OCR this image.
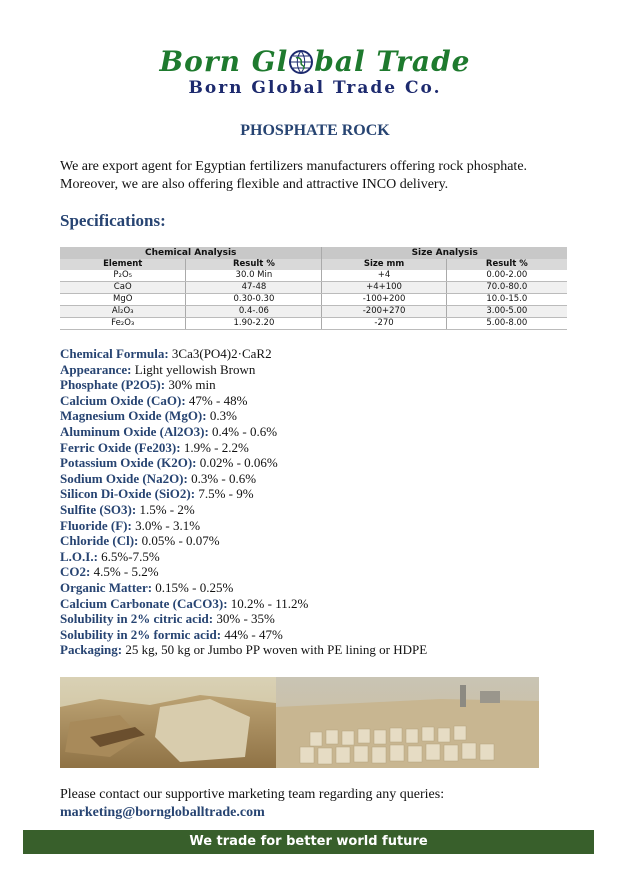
Born Gl bal Trade
Born Global Trade Co.
PHOSPHATE ROCK
We are export agent for Egyptian fertilizers manufacturers offering rock phosphate. Moreover, we are also offering flexible and attractive INCO delivery.
Specifications:
Chemical Analysis		Size Analysis	
Element	Result %	Size mm	Result %
P₂O₅	30.0 Min	+4	0.00-2.00
CaO	47-48	+4+100	70.0-80.0
MgO	0.30-0.30	-100+200	10.0-15.0
Al₂O₃	0.4-.06	-200+270	3.00-5.00
Fe₂O₃	1.90-2.20	-270	5.00-8.00
Chemical Formula: 3Ca3(PO4)2·CaR2
Appearance: Light yellowish Brown
Phosphate (P2O5): 30% min
Calcium Oxide (CaO): 47% - 48%
Magnesium Oxide (MgO): 0.3%
Aluminum Oxide (Al2O3): 0.4% - 0.6%
Ferric Oxide (Fe203): 1.9% - 2.2%
Potassium Oxide (K2O): 0.02% - 0.06%
Sodium Oxide (Na2O): 0.3% - 0.6%
Silicon Di-Oxide (SiO2): 7.5% - 9%
Sulfite (SO3): 1.5% - 2%
Fluoride (F): 3.0% - 3.1%
Chloride (Cl): 0.05% - 0.07%
L.O.I.: 6.5%-7.5%
CO2: 4.5% - 5.2%
Organic Matter: 0.15% - 0.25%
Calcium Carbonate (CaCO3): 10.2% - 11.2%
Solubility in 2% citric acid: 30% - 35%
Solubility in 2% formic acid: 44% - 47%
Packaging: 25 kg, 50 kg or Jumbo PP woven with PE lining or HDPE
Please contact our supportive marketing team regarding any queries:
marketing@borngloballtrade.com
We trade for better world future
